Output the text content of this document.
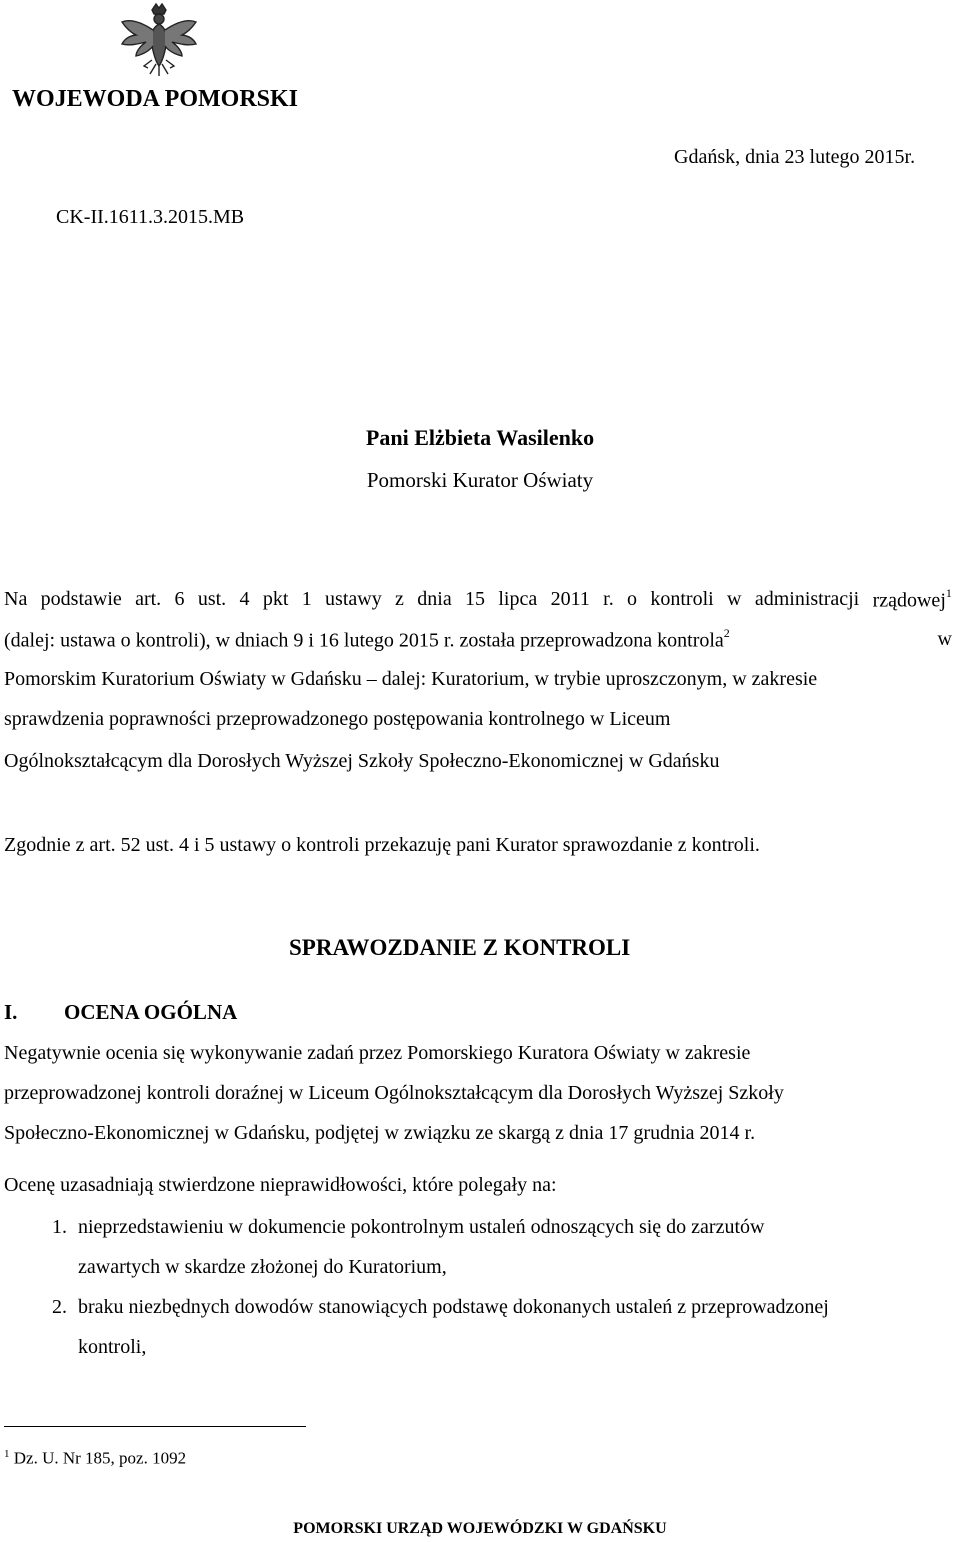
WOJEWODA POMORSKI
Gdańsk, dnia 23 lutego 2015r.
CK-II.1611.3.2015.MB
Pani Elżbieta Wasilenko
Pomorski Kurator Oświaty
Na podstawie art. 6 ust. 4 pkt 1 ustawy z dnia 15 lipca 2011 r. o kontroli w administracji rządowej$^1$
(dalej: ustawa o kontroli), w dniach 9 i 16 lutego 2015 r. została przeprowadzona kontrola$^2$	w
Pomorskim Kuratorium Oświaty w Gdańsku – dalej: Kuratorium, w trybie uproszczonym, w zakresie
sprawdzenia poprawności przeprowadzonego postępowania kontrolnego w Liceum
Ogólnokształcącym dla Dorosłych Wyższej Szkoły Społeczno-Ekonomicznej w Gdańsku
Zgodnie z art. 52 ust. 4 i 5 ustawy o kontroli przekazuję pani Kurator sprawozdanie z kontroli.
SPRAWOZDANIE Z KONTROLI
I. OCENA OGÓLNA
Negatywnie ocenia się wykonywanie zadań przez Pomorskiego Kuratora Oświaty w zakresie
przeprowadzonej kontroli doraźnej w Liceum Ogólnokształcącym dla Dorosłych Wyższej Szkoły
Społeczno-Ekonomicznej w Gdańsku, podjętej w związku ze skargą z dnia 17 grudnia 2014 r.
Ocenę uzasadniają stwierdzone nieprawidłowości, które polegały na:
1. nieprzedstawieniu w dokumencie pokontrolnym ustaleń odnoszących się do zarzutów
zawartych w skardze złożonej do Kuratorium,
2. braku niezbędnych dowodów stanowiących podstawę dokonanych ustaleń z przeprowadzonej
kontroli,
$^1$ Dz. U. Nr 185, poz. 1092
POMORSKI URZĄD WOJEWÓDZKI W GDAŃSKU
